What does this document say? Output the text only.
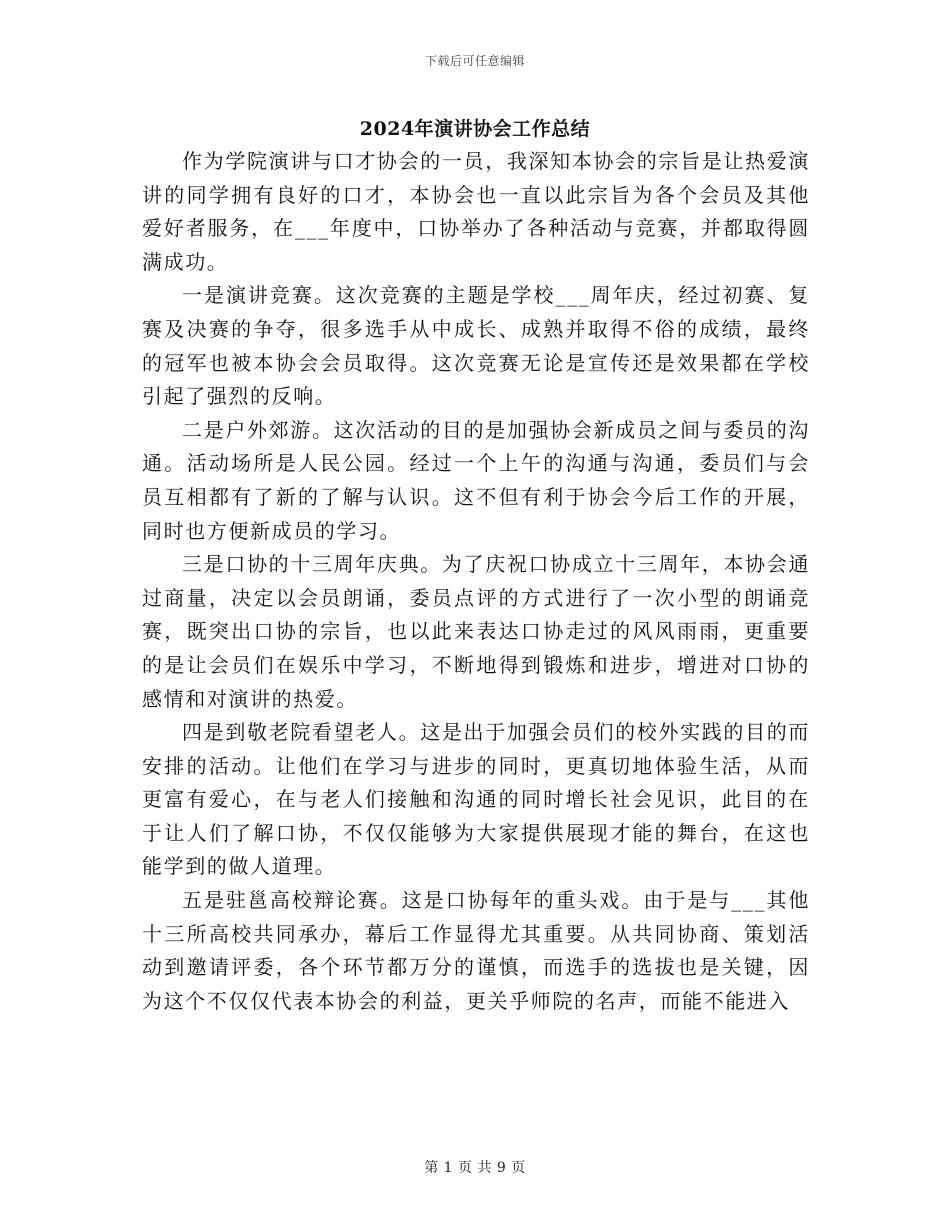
下载后可任意编辑
2024年演讲协会工作总结

作为学院演讲与口才协会的一员，我深知本协会的宗旨是让热爱演讲的同学拥有良好的口才，本协会也一直以此宗旨为各个会员及其他爱好者服务，在___年度中，口协举办了各种活动与竞赛，并都取得圆满成功。

一是演讲竞赛。这次竞赛的主题是学校___周年庆，经过初赛、复赛及决赛的争夺，很多选手从中成长、成熟并取得不俗的成绩，最终的冠军也被本协会会员取得。这次竞赛无论是宣传还是效果都在学校引起了强烈的反响。

二是户外郊游。这次活动的目的是加强协会新成员之间与委员的沟通。活动场所是人民公园。经过一个上午的沟通与沟通，委员们与会员互相都有了新的了解与认识。这不但有利于协会今后工作的开展，同时也方便新成员的学习。

三是口协的十三周年庆典。为了庆祝口协成立十三周年，本协会通过商量，决定以会员朗诵，委员点评的方式进行了一次小型的朗诵竞赛，既突出口协的宗旨，也以此来表达口协走过的风风雨雨，更重要的是让会员们在娱乐中学习，不断地得到锻炼和进步，增进对口协的感情和对演讲的热爱。

四是到敬老院看望老人。这是出于加强会员们的校外实践的目的而安排的活动。让他们在学习与进步的同时，更真切地体验生活，从而更富有爱心，在与老人们接触和沟通的同时增长社会见识，此目的在于让人们了解口协，不仅仅能够为大家提供展现才能的舞台，在这也能学到的做人道理。

五是驻邕高校辩论赛。这是口协每年的重头戏。由于是与___其他十三所高校共同承办，幕后工作显得尤其重要。从共同协商、策划活动到邀请评委，各个环节都万分的谨慎，而选手的选拔也是关键，因为这个不仅仅代表本协会的利益，更关乎师院的名声，而能不能进入

第 1 页 共 9 页
